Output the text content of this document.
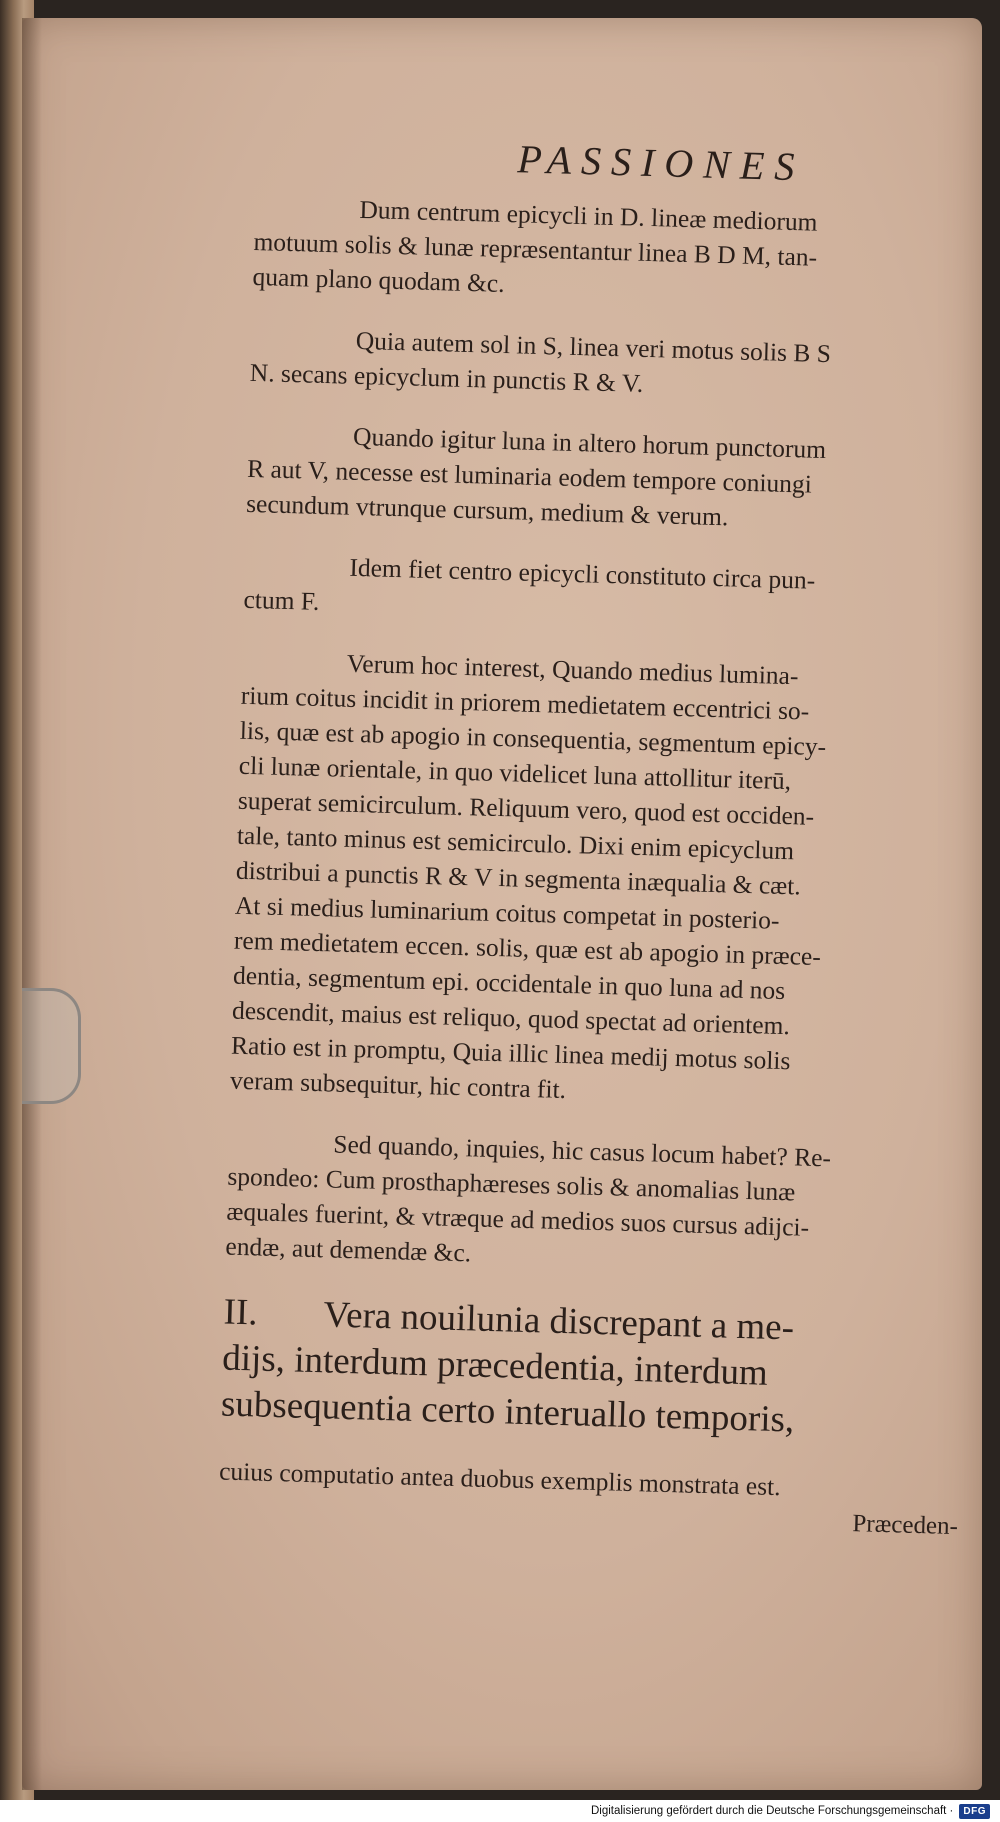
PASSIONES
Dum centrum epicycli in D. lineæ mediorum
motuum solis & lunæ repræsentantur linea B D M, tan-
quam plano quodam &c.
Quia autem sol in S, linea veri motus solis B S
N. secans epicyclum in punctis R & V.
Quando igitur luna in altero horum punctorum
R aut V, necesse est luminaria eodem tempore coniungi
secundum vtrunque cursum, medium & verum.
Idem fiet centro epicycli constituto circa pun-
ctum F.
Verum hoc interest, Quando medius lumina-
rium coitus incidit in priorem medietatem eccentrici so-
lis, quæ est ab apogio in consequentia, segmentum epicy-
cli lunæ orientale, in quo videlicet luna attollitur iterū,
superat semicirculum. Reliquum vero, quod est occiden-
tale, tanto minus est semicirculo. Dixi enim epicyclum
distribui a punctis R & V in segmenta inæqualia & cæt.
At si medius luminarium coitus competat in posterio-
rem medietatem eccen. solis, quæ est ab apogio in præce-
dentia, segmentum epi. occidentale in quo luna ad nos
descendit, maius est reliquo, quod spectat ad orientem.
Ratio est in promptu, Quia illic linea medij motus solis
veram subsequitur, hic contra fit.
Sed quando, inquies, hic casus locum habet? Re-
spondeo: Cum prosthaphæreses solis & anomalias lunæ
æquales fuerint, & vtræque ad medios suos cursus adijci-
endæ, aut demendæ &c.
II. Vera nouilunia discrepant a me-
dijs, interdum præcedentia, interdum
subsequentia certo interuallo temporis,
cuius computatio antea duobus exemplis monstrata est.
Præceden-
Digitalisierung gefördert durch die Deutsche Forschungsgemeinschaft ·	DFG
